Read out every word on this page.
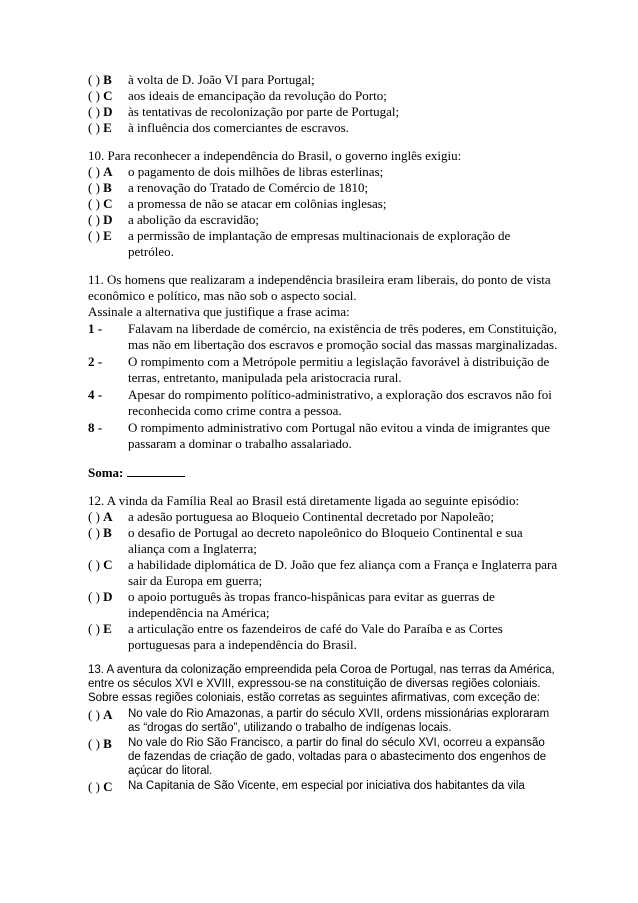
( ) B	à volta de D. João VI para Portugal;
( ) C	aos ideais de emancipação da revolução do Porto;
( ) D	às tentativas de recolonização por parte de Portugal;
( ) E	à influência dos comerciantes de escravos.
10. Para reconhecer a independência do Brasil, o governo inglês exigiu:
( ) A	o pagamento de dois milhões de libras esterlinas;
( ) B	a renovação do Tratado de Comércio de 1810;
( ) C	a promessa de não se atacar em colônias inglesas;
( ) D	a abolição da escravidão;
( ) E	a permissão de implantação de empresas multinacionais de exploração de petróleo.
11. Os homens que realizaram a independência brasileira eram liberais, do ponto de vista econômico e político, mas não sob o aspecto social.
Assinale a alternativa que justifique a frase acima:
1 -	Falavam na liberdade de comércio, na existência de três poderes, em Constituição, mas não em libertação dos escravos e promoção social das massas marginalizadas.
2 -	O rompimento com a Metrópole permitiu a legislação favorável à distribuição de terras, entretanto, manipulada pela aristocracia rural.
4 -	Apesar do rompimento político-administrativo, a exploração dos escravos não foi reconhecida como crime contra a pessoa.
8 -	O rompimento administrativo com Portugal não evitou a vinda de imigrantes que passaram a dominar o trabalho assalariado.
Soma:
12. A vinda da Família Real ao Brasil está diretamente ligada ao seguinte episódio:
( ) A	a adesão portuguesa ao Bloqueio Continental decretado por Napoleão;
( ) B	o desafio de Portugal ao decreto napoleônico do Bloqueio Continental e sua aliança com a Inglaterra;
( ) C	a habilidade diplomática de D. João que fez aliança com a França e Inglaterra para sair da Europa em guerra;
( ) D	o apoio português às tropas franco-hispânicas para evitar as guerras de independência na América;
( ) E	a articulação entre os fazendeiros de café do Vale do Paraíba e as Cortes portuguesas para a independência do Brasil.
13. A aventura da colonização empreendida pela Coroa de Portugal, nas terras da América, entre os séculos XVI e XVIII, expressou-se na constituição de diversas regiões coloniais. Sobre essas regiões coloniais, estão corretas as seguintes afirmativas, com exceção de:
( ) A	No vale do Rio Amazonas, a partir do século XVII, ordens missionárias exploraram as “drogas do sertão”, utilizando o trabalho de indígenas locais.
( ) B	No vale do Rio São Francisco, a partir do final do século XVI, ocorreu a expansão de fazendas de criação de gado, voltadas para o abastecimento dos engenhos de açúcar do litoral.
( ) C	Na Capitania de São Vicente, em especial por iniciativa dos habitantes da vila
